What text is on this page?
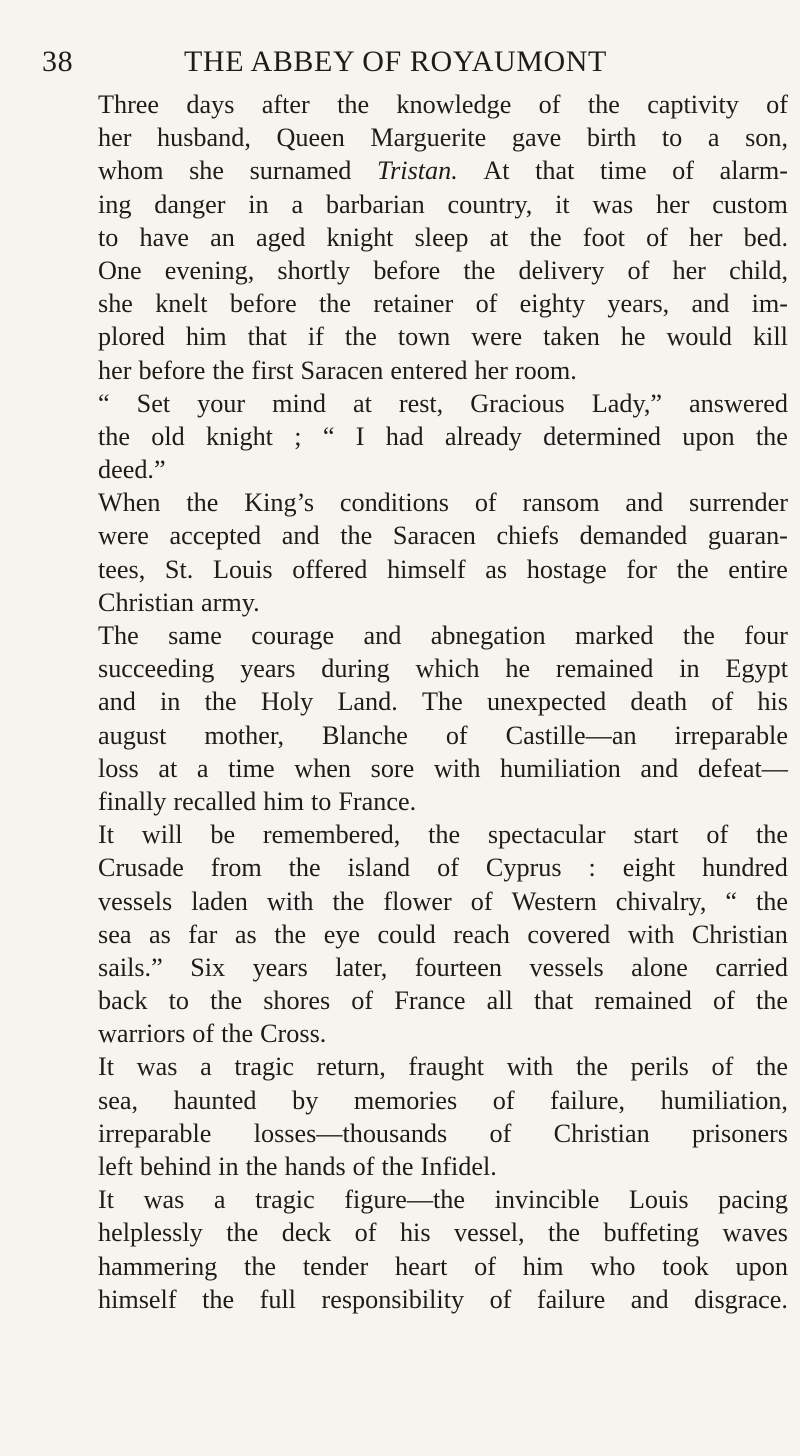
38	THE ABBEY OF ROYAUMONT
Three days after the knowledge of the captivity of
her husband, Queen Marguerite gave birth to a son,
whom she surnamed Tristan. At that time of alarm-
ing danger in a barbarian country, it was her custom
to have an aged knight sleep at the foot of her bed.
One evening, shortly before the delivery of her child,
she knelt before the retainer of eighty years, and im-
plored him that if the town were taken he would kill
her before the first Saracen entered her room.
“ Set your mind at rest, Gracious Lady,” answered
the old knight ; “ I had already determined upon the
deed.”
When the King’s conditions of ransom and surrender
were accepted and the Saracen chiefs demanded guaran-
tees, St. Louis offered himself as hostage for the entire
Christian army.
The same courage and abnegation marked the four
succeeding years during which he remained in Egypt
and in the Holy Land. The unexpected death of his
august mother, Blanche of Castille—an irreparable
loss at a time when sore with humiliation and defeat—
finally recalled him to France.
It will be remembered, the spectacular start of the
Crusade from the island of Cyprus : eight hundred
vessels laden with the flower of Western chivalry, “ the
sea as far as the eye could reach covered with Christian
sails.” Six years later, fourteen vessels alone carried
back to the shores of France all that remained of the
warriors of the Cross.
It was a tragic return, fraught with the perils of the
sea, haunted by memories of failure, humiliation,
irreparable losses—thousands of Christian prisoners
left behind in the hands of the Infidel.
It was a tragic figure—the invincible Louis pacing
helplessly the deck of his vessel, the buffeting waves
hammering the tender heart of him who took upon
himself the full responsibility of failure and disgrace.
